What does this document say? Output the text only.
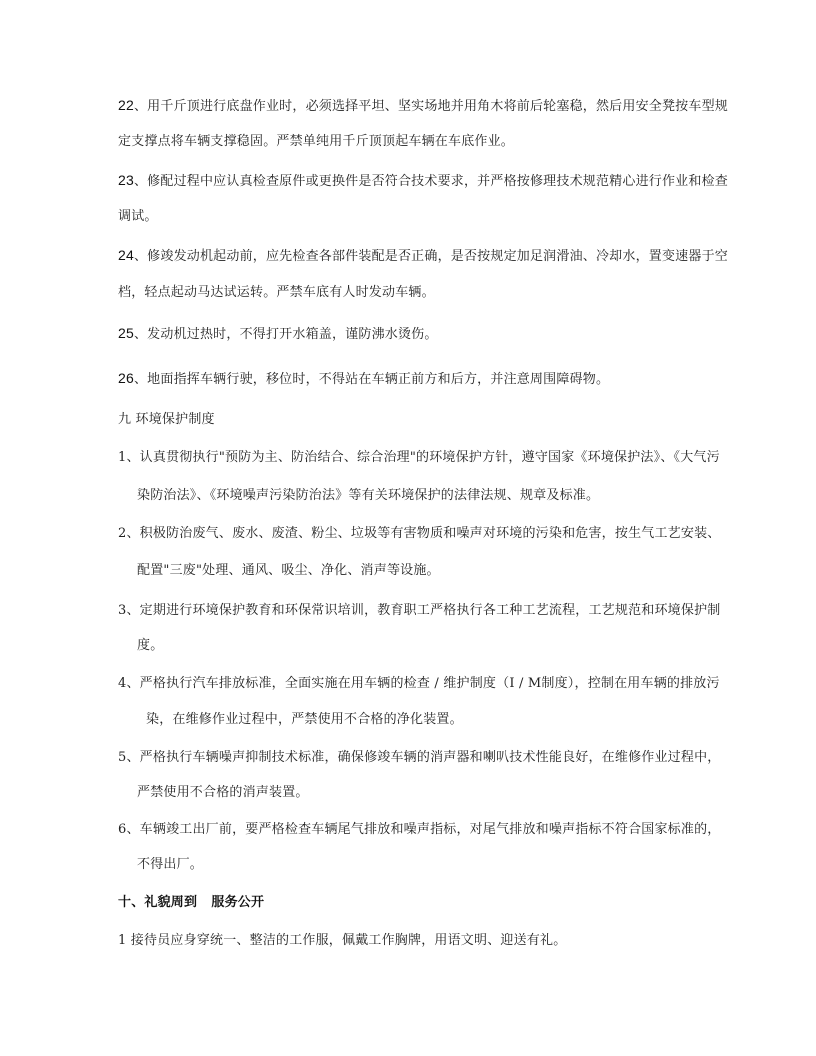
22、用千斤顶进行底盘作业时，必须选择平坦、坚实场地并用角木将前后轮塞稳，然后用安全凳按车型规
定支撑点将车辆支撑稳固。严禁单纯用千斤顶顶起车辆在车底作业。
23、修配过程中应认真检查原件或更换件是否符合技术要求，并严格按修理技术规范精心进行作业和检查
调试。
24、修竣发动机起动前，应先检查各部件装配是否正确，是否按规定加足润滑油、冷却水，置变速器于空
档，轻点起动马达试运转。严禁车底有人时发动车辆。
25、发动机过热时，不得打开水箱盖，谨防沸水烫伤。
26、地面指挥车辆行驶，移位时，不得站在车辆正前方和后方，并注意周围障碍物。
九 环境保护制度
1、认真贯彻执行"预防为主、防治结合、综合治理"的环境保护方针，遵守国家《环境保护法》、《大气污
染防治法》、《环境噪声污染防治法》等有关环境保护的法律法规、规章及标准。
2、积极防治废气、废水、废渣、粉尘、垃圾等有害物质和噪声对环境的污染和危害，按生气工艺安装、
配置"三废"处理、通风、吸尘、净化、消声等设施。
3、定期进行环境保护教育和环保常识培训，教育职工严格执行各工种工艺流程，工艺规范和环境保护制
度。
4、严格执行汽车排放标准，全面实施在用车辆的检查 / 维护制度（I / M制度），控制在用车辆的排放污
染，在维修作业过程中，严禁使用不合格的净化装置。
5、严格执行车辆噪声抑制技术标准，确保修竣车辆的消声器和喇叭技术性能良好，在维修作业过程中，
严禁使用不合格的消声装置。
6、车辆竣工出厂前，要严格检查车辆尾气排放和噪声指标，对尾气排放和噪声指标不符合国家标准的，
不得出厂。
十、礼貌周到   服务公开
1 接待员应身穿统一、整洁的工作服，佩戴工作胸牌，用语文明、迎送有礼。
